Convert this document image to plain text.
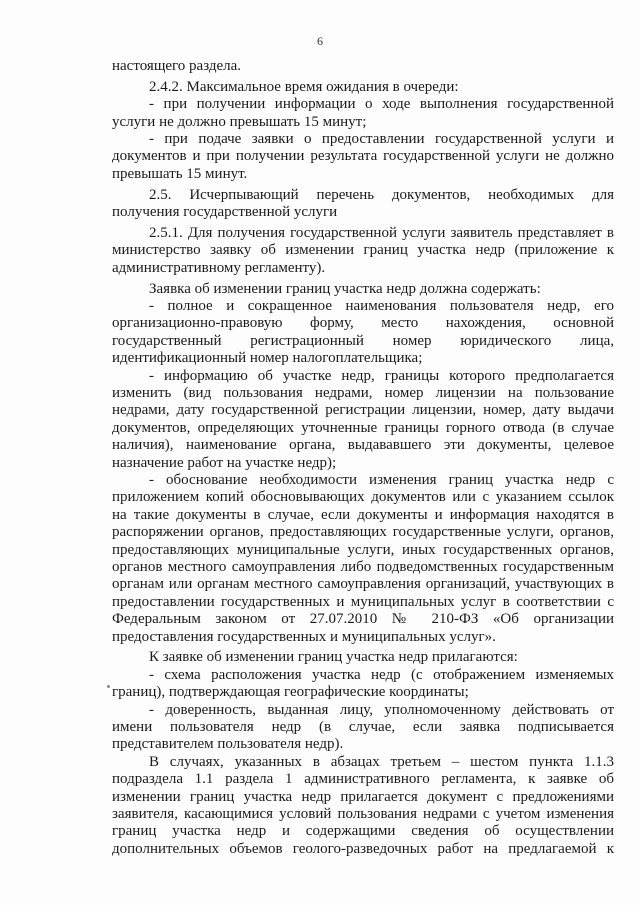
6
настоящего раздела.
2.4.2. Максимальное время ожидания в очереди:
- при получении информации о ходе выполнения государственной
услуги не должно превышать 15 минут;
- при подаче заявки о предоставлении государственной услуги и
документов и при получении результата государственной услуги не должно
превышать 15 минут.
2.5. Исчерпывающий перечень документов, необходимых для
получения государственной услуги
2.5.1. Для получения государственной услуги заявитель представляет в
министерство заявку об изменении границ участка недр (приложение к
административному регламенту).
Заявка об изменении границ участка недр должна содержать:
- полное и сокращенное наименования пользователя недр, его
организационно-правовую форму, место нахождения, основной
государственный регистрационный номер юридического лица,
идентификационный номер налогоплательщика;
- информацию об участке недр, границы которого предполагается
изменить (вид пользования недрами, номер лицензии на пользование
недрами, дату государственной регистрации лицензии, номер, дату выдачи
документов, определяющих уточненные границы горного отвода (в случае
наличия), наименование органа, выдававшего эти документы, целевое
назначение работ на участке недр);
- обоснование необходимости изменения границ участка недр с
приложением копий обосновывающих документов или с указанием ссылок
на такие документы в случае, если документы и информация находятся в
распоряжении органов, предоставляющих государственные услуги, органов,
предоставляющих муниципальные услуги, иных государственных органов,
органов местного самоуправления либо подведомственных государственным
органам или органам местного самоуправления организаций, участвующих в
предоставлении государственных и муниципальных услуг в соответствии с
Федеральным законом от 27.07.2010 № 210-ФЗ «Об организации
предоставления государственных и муниципальных услуг».
К заявке об изменении границ участка недр прилагаются:
- схема расположения участка недр (с отображением изменяемых
границ), подтверждающая географические координаты;
- доверенность, выданная лицу, уполномоченному действовать от
имени пользователя недр (в случае, если заявка подписывается
представителем пользователя недр).
В случаях, указанных в абзацах третьем – шестом пункта 1.1.3
подраздела 1.1 раздела 1 административного регламента, к заявке об
изменении границ участка недр прилагается документ с предложениями
заявителя, касающимися условий пользования недрами с учетом изменения
границ участка недр и содержащими сведения об осуществлении
дополнительных объемов геолого-разведочных работ на предлагаемой к
